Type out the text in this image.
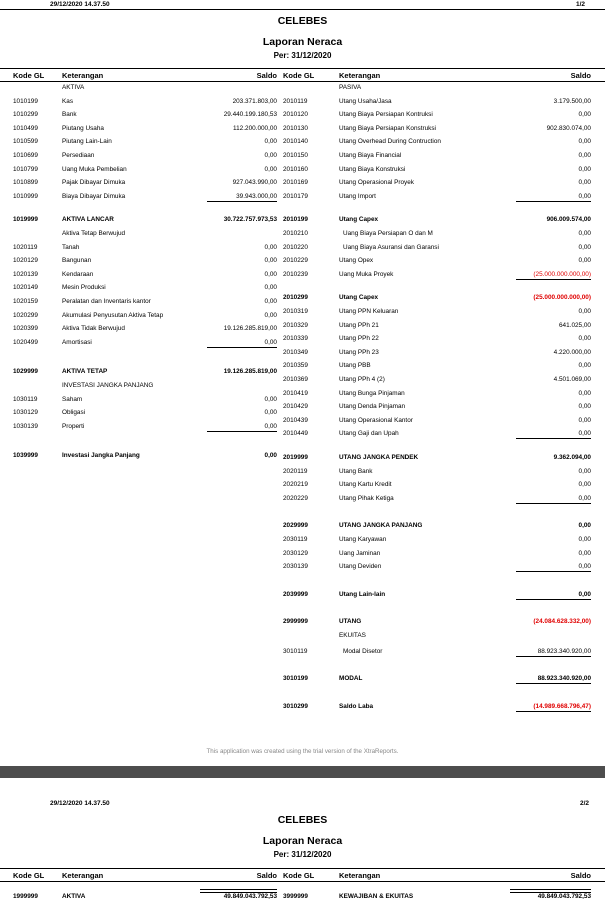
29/12/2020 14.37.50	1/2
CELEBES
Laporan Neraca
Per: 31/12/2020
Kode GL Keterangan	Saldo Kode GL	Keterangan	Saldo
AKTIVA
1010199	Kas	203.371.803,00
1010299	Bank	29.440.199.180,53
1010499	Piutang Usaha	112.200.000,00
1010599	Piutang Lain-Lain	0,00
1010699	Persediaan	0,00
1010799	Uang Muka Pembelian	0,00
1010899	Pajak Dibayar Dimuka	927.043.990,00
1010999	Biaya Dibayar Dimuka	39.943.000,00
1019999	AKTIVA LANCAR	30.722.757.973,53
Aktiva Tetap Berwujud
1020119	Tanah	0,00
1020129	Bangunan	0,00
1020139	Kendaraan	0,00
1020149	Mesin Produksi	0,00
1020159	Peralatan dan Inventaris kantor	0,00
1020299	Akumulasi Penyusutan Aktiva Tetap	0,00
1020399	Aktiva Tidak Berwujud	19.126.285.819,00
1020499	Amortisasi	0,00
1029999	AKTIVA TETAP	19.126.285.819,00
INVESTASI JANGKA PANJANG
1030119	Saham	0,00
1030129	Obligasi	0,00
1030139	Properti	0,00
1039999	Investasi Jangka Panjang	0,00
PASIVA
2010119	Utang Usaha/Jasa	3.179.500,00
2010120	Utang Biaya Persiapan Kontruksi	0,00
2010130	Utang Biaya Persiapan Konstruksi	902.830.074,00
2010140	Utang Overhead During Contruction	0,00
2010150	Utang Biaya Financial	0,00
2010160	Utang Biaya Konstruksi	0,00
2010169	Utang Operasional Proyek	0,00
2010179	Utang Import	0,00
2010199	Utang Capex	906.009.574,00
2010210	Uang Biaya Persiapan O dan M	0,00
2010220	Uang Biaya Asuransi dan Garansi	0,00
2010229	Utang Opex	0,00
2010239	Uang Muka Proyek	(25.000.000.000,00)
2010299	Utang Capex	(25.000.000.000,00)
2010319	Utang PPN Keluaran	0,00
2010329	Utang PPh 21	641.025,00
2010339	Utang PPh 22	0,00
2010349	Utang PPh 23	4.220.000,00
2010359	Utang PBB	0,00
2010369	Utang PPh 4 (2)	4.501.069,00
2010419	Utang Bunga Pinjaman	0,00
2010429	Utang Denda Pinjaman	0,00
2010439	Utang Operasional Kantor	0,00
2010449	Utang Gaji dan Upah	0,00
2019999	UTANG JANGKA PENDEK	9.362.094,00
2020119	Utang Bank	0,00
2020219	Utang Kartu Kredit	0,00
2020229	Utang Pihak Ketiga	0,00
2029999	UTANG JANGKA PANJANG	0,00
2030119	Utang Karyawan	0,00
2030129	Uang Jaminan	0,00
2030139	Utang Deviden	0,00
2039999	Utang Lain-lain	0,00
2999999	UTANG	(24.084.628.332,00)
EKUITAS
3010119	Modal Disetor	88.923.340.920,00
3010199	MODAL	88.923.340.920,00
3010299	Saldo Laba	(14.989.668.796,47)
This application was created using the trial version of the XtraReports.
29/12/2020 14.37.50	2/2
CELEBES
Laporan Neraca
Per: 31/12/2020
Kode GL Keterangan	Saldo Kode GL	Keterangan	Saldo
1999999	AKTIVA	49.849.043.792,53 3999999	KEWAJIBAN & EKUITAS	49.849.043.792,53
